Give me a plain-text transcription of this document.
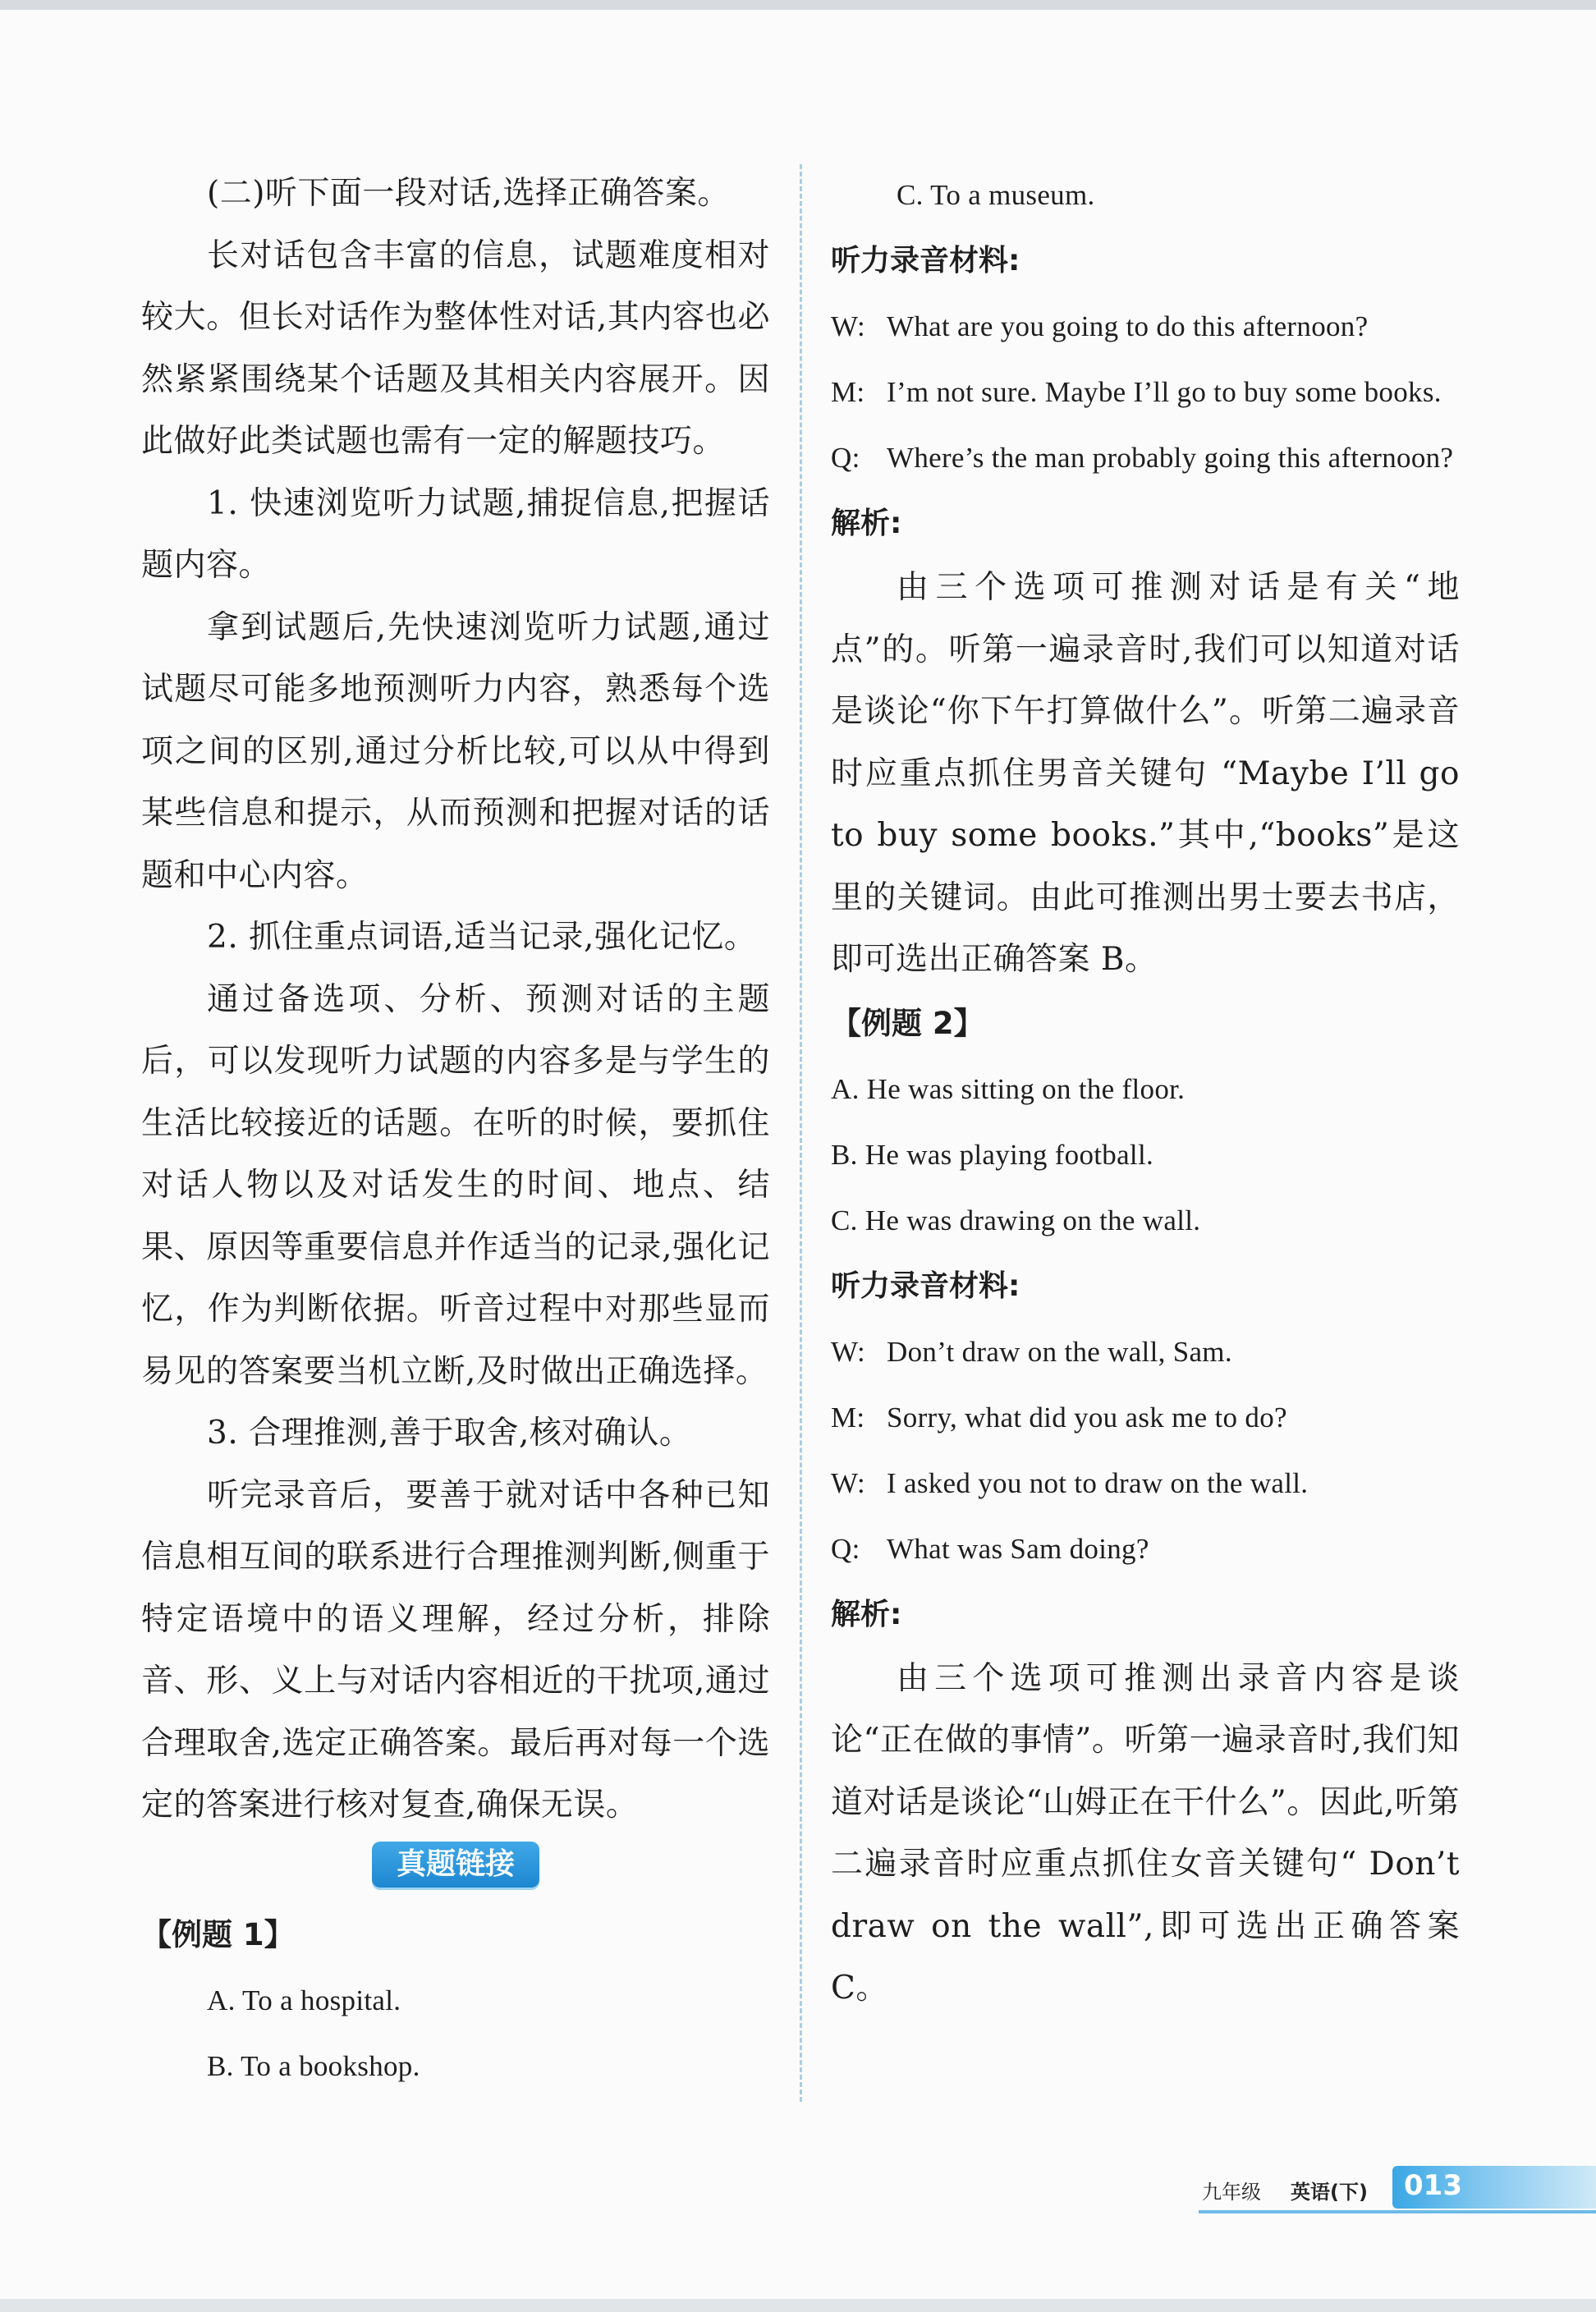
(二)听下面一段对话,选择正确答案。

长对话包含丰富的信息，试题难度相对较大。但长对话作为整体性对话,其内容也必然紧紧围绕某个话题及其相关内容展开。因此做好此类试题也需有一定的解题技巧。

1. 快速浏览听力试题,捕捉信息,把握话题内容。

拿到试题后,先快速浏览听力试题,通过试题尽可能多地预测听力内容，熟悉每个选项之间的区别,通过分析比较,可以从中得到某些信息和提示，从而预测和把握对话的话题和中心内容。

2. 抓住重点词语,适当记录,强化记忆。

通过备选项、分析、预测对话的主题后，可以发现听力试题的内容多是与学生的生活比较接近的话题。在听的时候，要抓住对话人物以及对话发生的时间、地点、结果、原因等重要信息并作适当的记录,强化记忆，作为判断依据。听音过程中对那些显而易见的答案要当机立断,及时做出正确选择。

3. 合理推测,善于取舍,核对确认。

听完录音后，要善于就对话中各种已知信息相互间的联系进行合理推测判断,侧重于特定语境中的语义理解，经过分析，排除音、形、义上与对话内容相近的干扰项,通过合理取舍,选定正确答案。最后再对每一个选定的答案进行核对复查,确保无误。

真题链接

【例题 1】

A. To a hospital.

B. To a bookshop.

C. To a museum.

听力录音材料:

W: What are you going to do this afternoon?
M: I’m not sure. Maybe I’ll go to buy some books.
Q: Where’s the man probably going this afternoon?

解析:

由三个选项可推测对话是有关“地点”的。听第一遍录音时,我们可以知道对话是谈论“你下午打算做什么”。听第二遍录音时应重点抓住男音关键句 “Maybe I’ll go to buy some books.”其中,“books”是这里的关键词。由此可推测出男士要去书店，即可选出正确答案 B。

【例题 2】

A. He was sitting on the floor.

B. He was playing football.

C. He was drawing on the wall.

听力录音材料:

W: Don’t draw on the wall, Sam.
M: Sorry, what did you ask me to do?
W: I asked you not to draw on the wall.
Q: What was Sam doing?

解析:

由三个选项可推测出录音内容是谈论“正在做的事情”。听第一遍录音时,我们知道对话是谈论“山姆正在干什么”。因此,听第二遍录音时应重点抓住女音关键句“ Don’t draw on the wall”,即可选出正确答案 C。

九年级 英语(下) 013
